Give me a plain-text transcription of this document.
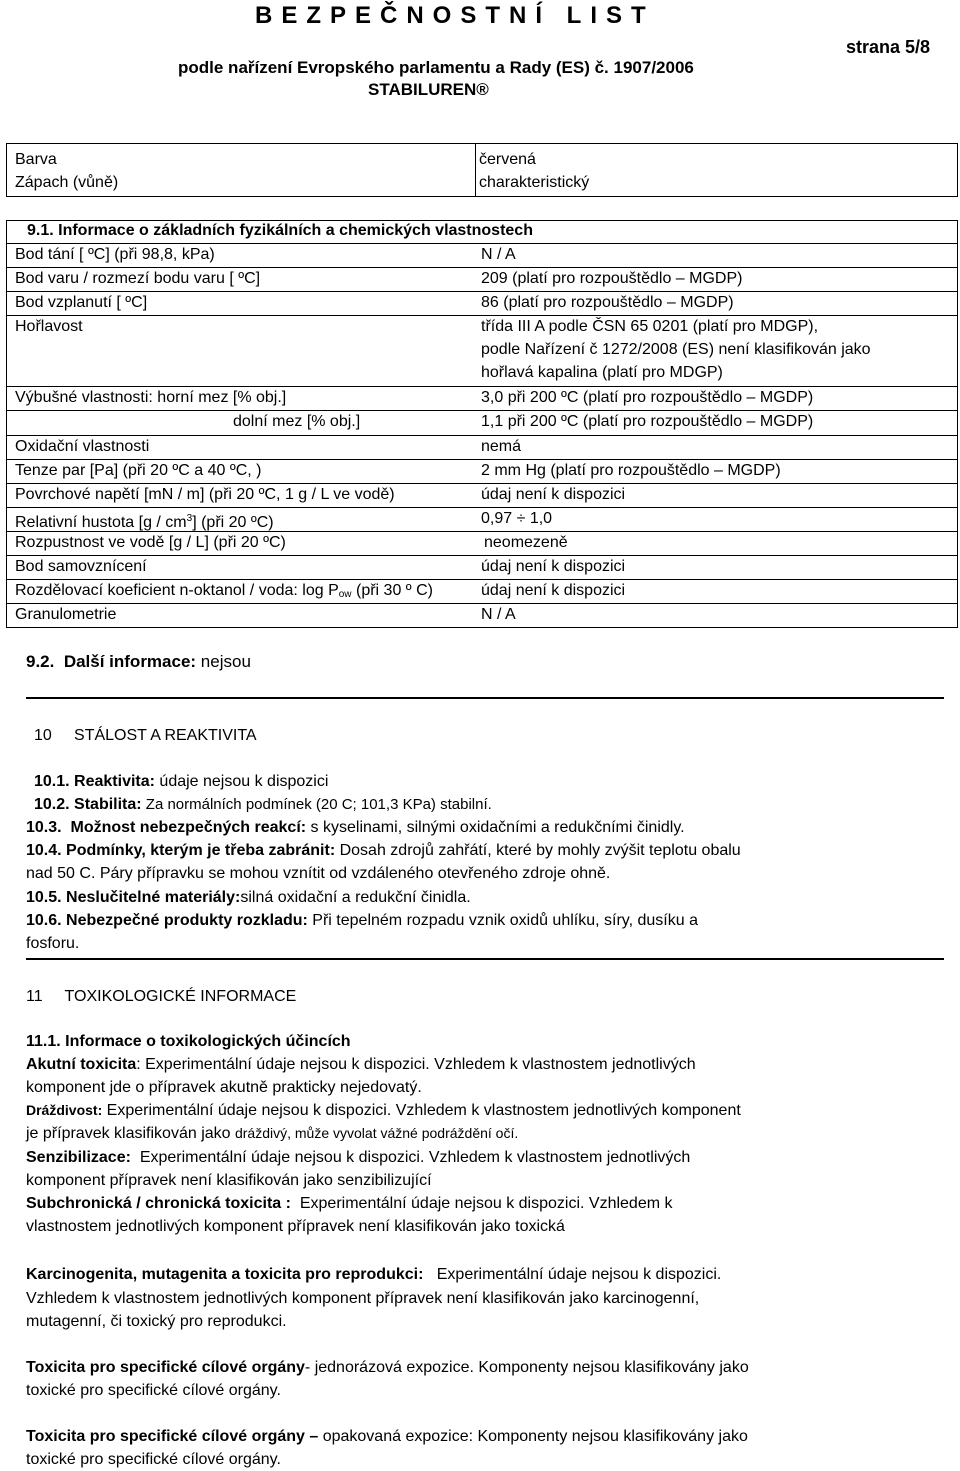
BEZPEČNOSTNÍ LIST
podle nařízení Evropského parlamentu a Rady (ES) č. 1907/2006
STABILUREN®
strana 5/8
Barva	červená
Zápach (vůně)	charakteristický
9.1. Informace o základních fyzikálních a chemických vlastnostech
Bod tání [ ºC] (při 98,8, kPa)	N / A
Bod varu / rozmezí bodu varu [ ºC]	209 (platí pro rozpouštědlo – MGDP)
Bod vzplanutí [ ºC]	86 (platí pro rozpouštědlo – MGDP)
Hořlavost	třída III A podle ČSN 65 0201 (platí pro MDGP),
podle Nařízení č 1272/2008 (ES) není klasifikován jako
hořlavá kapalina (platí pro MDGP)
Výbušné vlastnosti: horní mez [% obj.]	3,0 při 200 ºC (platí pro rozpouštědlo – MGDP)
dolní mez [% obj.]	1,1 při 200 ºC (platí pro rozpouštědlo – MGDP)
Oxidační vlastnosti	nemá
Tenze par [Pa] (při 20 ºC a 40 ºC, )	2 mm Hg (platí pro rozpouštědlo – MGDP)
Povrchové napětí [mN / m] (při 20 ºC, 1 g / L ve vodě)	údaj není k dispozici
Relativní hustota $[g / cm^3]$ (při 20 ºC)	0,97 ÷ 1,0
Rozpustnost ve vodě [g / L] (při 20 ºC)	neomezeně
Bod samovznícení	údaj není k dispozici
Rozdělovací koeficient n-oktanol / voda: $\log P_{ow}$ (při 30 º C)	údaj není k dispozici
Granulometrie	N / A
9.2. Další informace: nejsou
10     STÁLOST A REAKTIVITA
10.1. Reaktivita: údaje nejsou k dispozici
10.2. Stabilita: Za normálních podmínek (20 C; 101,3 KPa) stabilní.
10.3.  Možnost nebezpečných reakcí: s kyselinami, silnými oxidačními a redukčními činidly.
10.4. Podmínky, kterým je třeba zabránit: Dosah zdrojů zahřátí, které by mohly zvýšit teplotu obalu
nad 50 C. Páry přípravku se mohou vznítit od vzdáleného otevřeného zdroje ohně.
10.5. Neslučitelné materiály:silná oxidační a redukční činidla.
10.6. Nebezpečné produkty rozkladu: Při tepelném rozpadu vznik oxidů uhlíku, síry, dusíku a
fosforu.
11     TOXIKOLOGICKÉ INFORMACE
11.1. Informace o toxikologických účincích
Akutní toxicita: Experimentální údaje nejsou k dispozici. Vzhledem k vlastnostem jednotlivých
komponent jde o přípravek akutně prakticky nejedovatý.
Dráždivost: Experimentální údaje nejsou k dispozici. Vzhledem k vlastnostem jednotlivých komponent
je přípravek klasifikován jako dráždivý, může vyvolat vážné podráždění očí.
Senzibilizace:  Experimentální údaje nejsou k dispozici. Vzhledem k vlastnostem jednotlivých
komponent přípravek není klasifikován jako senzibilizující
Subchronická / chronická toxicita :  Experimentální údaje nejsou k dispozici. Vzhledem k
vlastnostem jednotlivých komponent přípravek není klasifikován jako toxická
Karcinogenita, mutagenita a toxicita pro reprodukci:   Experimentální údaje nejsou k dispozici.
Vzhledem k vlastnostem jednotlivých komponent přípravek není klasifikován jako karcinogenní,
mutagenní, či toxický pro reprodukci.
Toxicita pro specifické cílové orgány- jednorázová expozice. Komponenty nejsou klasifikovány jako
toxické pro specifické cílové orgány.
Toxicita pro specifické cílové orgány – opakovaná expozice: Komponenty nejsou klasifikovány jako
toxické pro specifické cílové orgány.
